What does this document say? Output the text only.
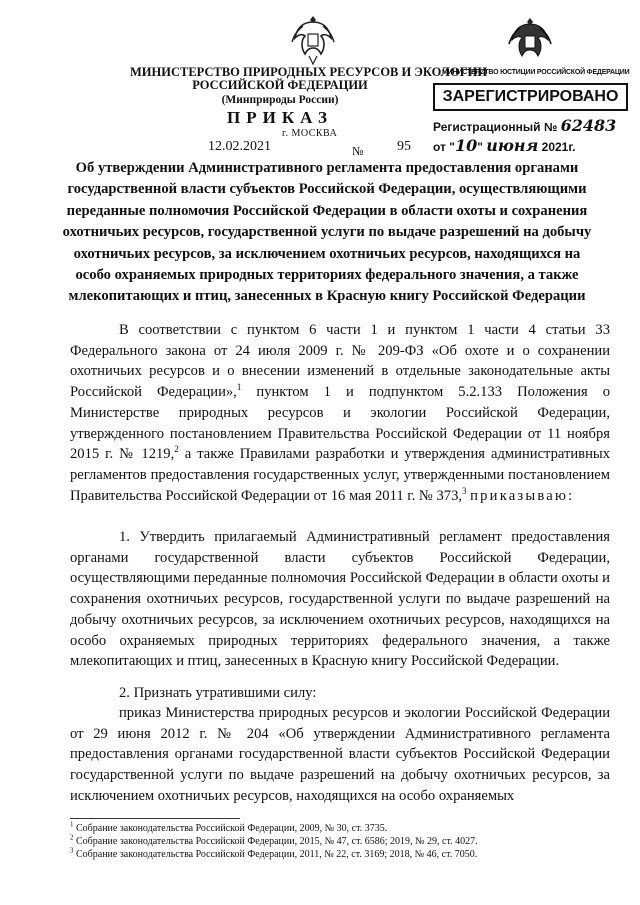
МИНИСТЕРСТВО ПРИРОДНЫХ РЕСУРСОВ И ЭКОЛОГИИ
РОССИЙСКОЙ ФЕДЕРАЦИИ
(Минприроды России)
ПРИКАЗ
12.02.2021
г. МОСКВА
№ 95
МИНИСТЕРСТВО ЮСТИЦИИ РОССИЙСКОЙ ФЕДЕРАЦИИ
ЗАРЕГИСТРИРОВАНО
Регистрационный № 62483
от "10" июня 2021г.
Об утверждении Административного регламента предоставления органами государственной власти субъектов Российской Федерации, осуществляющими переданные полномочия Российской Федерации в области охоты и сохранения охотничьих ресурсов, государственной услуги по выдаче разрешений на добычу охотничьих ресурсов, за исключением охотничьих ресурсов, находящихся на особо охраняемых природных территориях федерального значения, а также млекопитающих и птиц, занесенных в Красную книгу Российской Федерации
В соответствии с пунктом 6 части 1 и пунктом 1 части 4 статьи 33 Федерального закона от 24 июля 2009 г. № 209-ФЗ «Об охоте и о сохранении охотничьих ресурсов и о внесении изменений в отдельные законодательные акты Российской Федерации»,$^1$ пунктом 1 и подпунктом 5.2.133 Положения о Министерстве природных ресурсов и экологии Российской Федерации, утвержденного постановлением Правительства Российской Федерации от 11 ноября 2015 г. № 1219,$^2$ а также Правилами разработки и утверждения административных регламентов предоставления государственных услуг, утвержденными постановлением Правительства Российской Федерации от 16 мая 2011 г. № 373,$^3$ приказываю:
1. Утвердить прилагаемый Административный регламент предоставления органами государственной власти субъектов Российской Федерации, осуществляющими переданные полномочия Российской Федерации в области охоты и сохранения охотничьих ресурсов, государственной услуги по выдаче разрешений на добычу охотничьих ресурсов, за исключением охотничьих ресурсов, находящихся на особо охраняемых природных территориях федерального значения, а также млекопитающих и птиц, занесенных в Красную книгу Российской Федерации.
2. Признать утратившими силу:
приказ Министерства природных ресурсов и экологии Российской Федерации от 29 июня 2012 г. № 204 «Об утверждении Административного регламента предоставления органами государственной власти субъектов Российской Федерации государственной услуги по выдаче разрешений на добычу охотничьих ресурсов, за исключением охотничьих ресурсов, находящихся на особо охраняемых
$^1$ Собрание законодательства Российской Федерации, 2009, № 30, ст. 3735.
$^2$ Собрание законодательства Российской Федерации, 2015, № 47, ст. 6586; 2019, № 29, ст. 4027.
$^3$ Собрание законодательства Российской Федерации, 2011, № 22, ст. 3169; 2018, № 46, ст. 7050.
